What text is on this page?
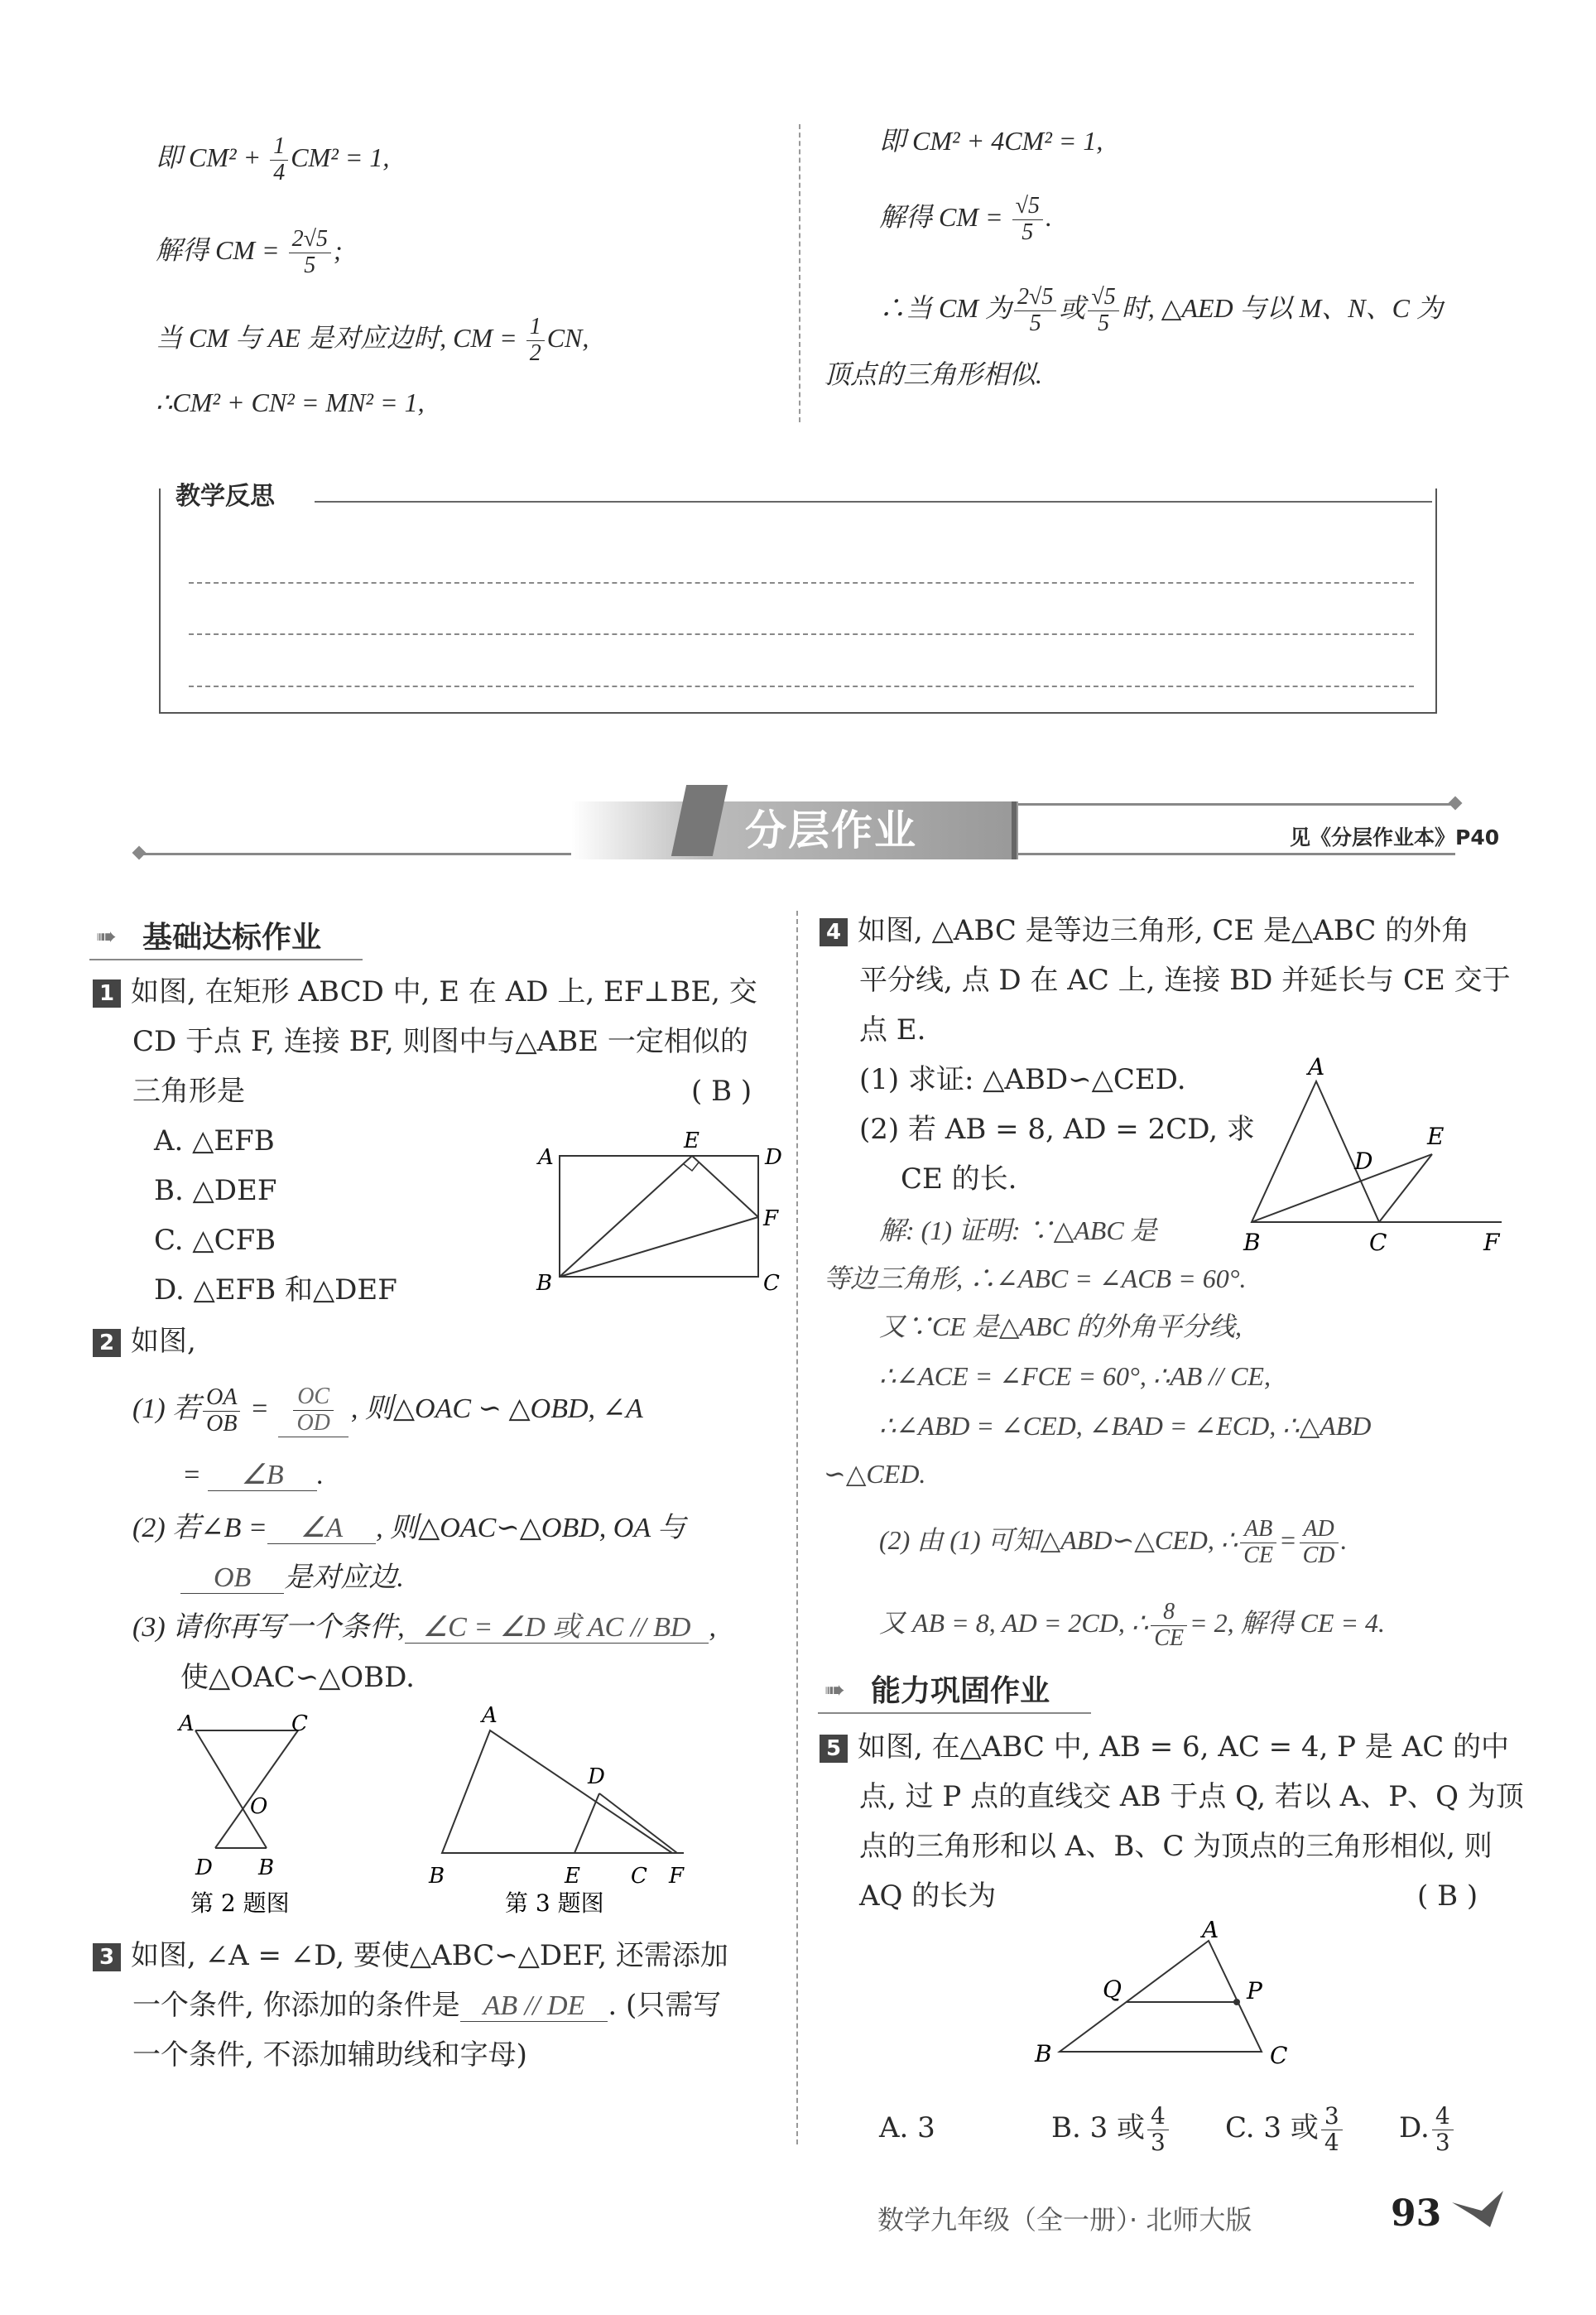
即 $CM^2 + \frac{1}{4} CM^2 = 1$,
解得 CM = $\frac{2√5}{5}$ ;
当 CM 与 AE 是对应边时, CM = $\frac{1}{2}$ CN,
∴CM² + CN² = MN² = 1,
即 CM² + 4CM² = 1,
解得 CM = $\frac{√5}{5}$ .
∴当 CM 为 $\frac{2√5}{5}$ 或 $\frac{√5}{5}$ 时, △AED 与以 M、N、C 为
顶点的三角形相似.
教学反思
分层作业	见《分层作业本》P40
➠ 基础达标作业
1 如图, 在矩形 ABCD 中, E 在 AD 上, EF⊥BE, 交
CD 于点 F, 连接 BF, 则图中与△ABE 一定相似的
三角形是	( B )
A. △EFB
B. △DEF
C. △CFB
D. △EFB 和△DEF
A
E
D
F
B	C
2 如图,
(1) 若 $\frac{OA}{OB} = \frac{OC}{OD}$ , 则△OAC ∽ △OBD, ∠A
= ∠B .
(2) 若∠B = ∠A , 则△OAC∽△OBD, OA 与
OB 是对应边.
(3) 请你再写一个条件, ∠C = ∠D 或 AC // BD ,
使△OAC∽△OBD.
A	C
O
D B
第 2 题图
A
D
B	E C F
第 3 题图
3 如图, ∠A = ∠D, 要使△ABC∽△DEF, 还需添加
一个条件, 你添加的条件是 AB // DE . (只需写
一个条件, 不添加辅助线和字母)
4 如图, △ABC 是等边三角形, CE 是△ABC 的外角
平分线, 点 D 在 AC 上, 连接 BD 并延长与 CE 交于
点 E.
(1) 求证: △ABD∽△CED.
(2) 若 AB = 8, AD = 2CD, 求
CE 的长.
A
E
D
B	C	F
解: (1) 证明: ∵△ABC 是
等边三角形, ∴∠ABC = ∠ACB = 60°.
又∵CE 是△ABC 的外角平分线,
∴∠ACE = ∠FCE = 60°, ∴AB // CE,
∴∠ABD = ∠CED, ∠BAD = ∠ECD, ∴△ABD
∽△CED.
(2) 由 (1) 可知△ABD∽△CED, ∴ $\frac{AB}{CE} = \frac{AD}{CD}$ .
又 AB = 8, AD = 2CD, ∴ $\frac{8}{CE} = 2$, 解得 CE = 4.
➠ 能力巩固作业
5 如图, 在△ABC 中, AB = 6, AC = 4, P 是 AC 的中
点, 过 P 点的直线交 AB 于点 Q, 若以 A、P、Q 为顶
点的三角形和以 A、B、C 为顶点的三角形相似, 则
AQ 的长为	( B )
A
Q	P
B	C
A. 3	B. 3 或 $\frac{4}{3} C$. 3 或 $\frac{3}{4} D$. $\frac{4}{3}$
数学九年级（全一册）· 北师大版	93
